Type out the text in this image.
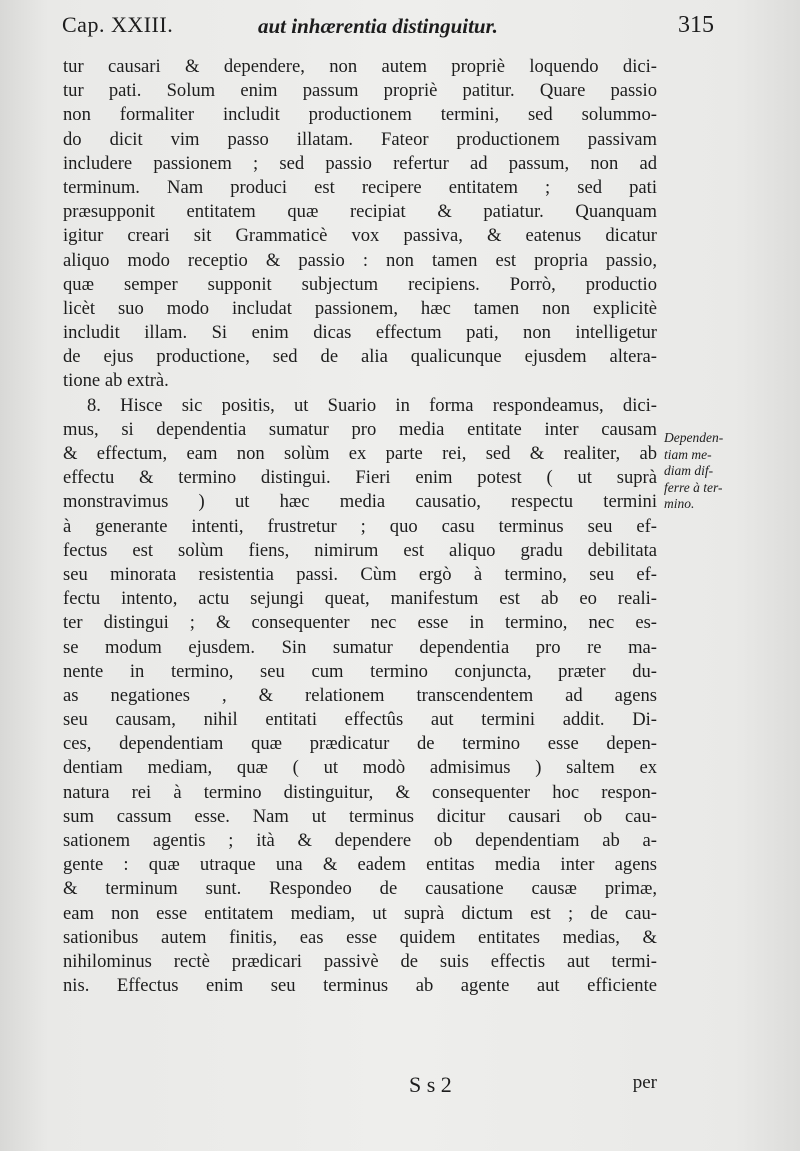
Cap. XXIII.	aut inhærentia distinguitur.	315
tur causari & dependere, non autem propriè loquendo dici-
tur pati. Solum enim passum propriè patitur. Quare passio
non formaliter includit productionem termini, sed solummo-
do dicit vim passo illatam. Fateor productionem passivam
includere passionem ; sed passio refertur ad passum, non ad
terminum. Nam produci est recipere entitatem ; sed pati
præsupponit entitatem quæ recipiat & patiatur. Quanquam
igitur creari sit Grammaticè vox passiva, & eatenus dicatur
aliquo modo receptio & passio : non tamen est propria passio,
quæ semper supponit subjectum recipiens. Porrò, productio
licèt suo modo includat passionem, hæc tamen non explicitè
includit illam. Si enim dicas effectum pati, non intelligetur
de ejus productione, sed de alia qualicunque ejusdem altera-
tione ab extrà.
8. Hisce sic positis, ut Suario in forma respondeamus, dici-
mus, si dependentia sumatur pro media entitate inter causam
& effectum, eam non solùm ex parte rei, sed & realiter, ab
effectu & termino distingui. Fieri enim potest ( ut suprà
monstravimus ) ut hæc media causatio, respectu termini
à generante intenti, frustretur ; quo casu terminus seu ef-
fectus est solùm fiens, nimirum est aliquo gradu debilitata
seu minorata resistentia passi. Cùm ergò à termino, seu ef-
fectu intento, actu sejungi queat, manifestum est ab eo reali-
ter distingui ; & consequenter nec esse in termino, nec es-
se modum ejusdem. Sin sumatur dependentia pro re ma-
nente in termino, seu cum termino conjuncta, præter du-
as negationes , & relationem transcendentem ad agens
seu causam, nihil entitati effectûs aut termini addit. Di-
ces, dependentiam quæ prædicatur de termino esse depen-
dentiam mediam, quæ ( ut modò admisimus ) saltem ex
natura rei à termino distinguitur, & consequenter hoc respon-
sum cassum esse. Nam ut terminus dicitur causari ob cau-
sationem agentis ; ità & dependere ob dependentiam ab a-
gente : quæ utraque una & eadem entitas media inter agens
& terminum sunt. Respondeo de causatione causæ primæ,
eam non esse entitatem mediam, ut suprà dictum est ; de cau-
sationibus autem finitis, eas esse quidem entitates medias, &
nihilominus rectè prædicari passivè de suis effectis aut termi-
nis. Effectus enim seu terminus ab agente aut efficiente
Dependen-
tiam me-
diam dif-
ferre à ter-
mino.
S s 2	per
